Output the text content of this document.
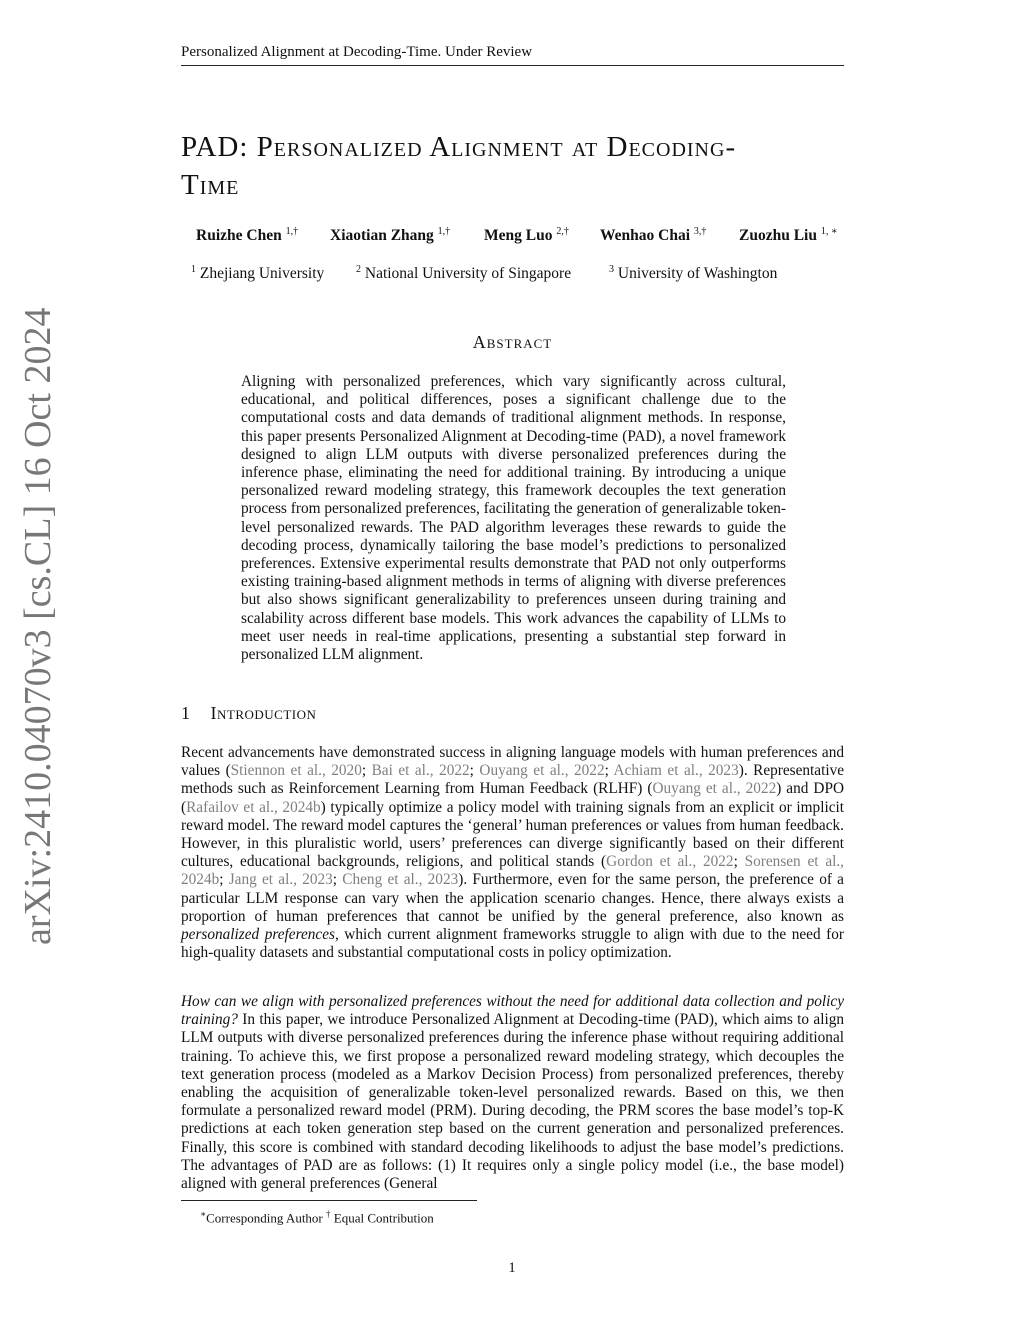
Personalized Alignment at Decoding-Time. Under Review
PAD: Personalized Alignment at Decoding-
Time
Ruizhe Chen $^{1,\dagger}$ Xiaotian Zhang $^{1,\dagger}$ Meng Luo $^{2,\dagger}$ Wenhao Chai $^{3,\dagger}$ Zuozhu Liu $^{1, ∗}$
$^1$ Zhejiang University	$^2$ National University of Singapore	$^3$ University of Washington
Abstract
Aligning with personalized preferences, which vary significantly across cultural, educational, and political differences, poses a significant challenge due to the computational costs and data demands of traditional alignment methods. In response, this paper presents Personalized Alignment at Decoding-time (PAD), a novel framework designed to align LLM outputs with diverse personalized preferences during the inference phase, eliminating the need for additional training. By introducing a unique personalized reward modeling strategy, this framework decouples the text generation process from personalized preferences, facilitating the generation of generalizable token-level personalized rewards. The PAD algorithm leverages these rewards to guide the decoding process, dynamically tailoring the base model’s predictions to personalized preferences. Extensive experimental results demonstrate that PAD not only outperforms existing training-based alignment methods in terms of aligning with diverse preferences but also shows significant generalizability to preferences unseen during training and scalability across different base models. This work advances the capability of LLMs to meet user needs in real-time applications, presenting a substantial step forward in personalized LLM alignment.
1 Introduction
Recent advancements have demonstrated success in aligning language models with human preferences and values (Stiennon et al., 2020; Bai et al., 2022; Ouyang et al., 2022; Achiam et al., 2023). Representative methods such as Reinforcement Learning from Human Feedback (RLHF) (Ouyang et al., 2022) and DPO (Rafailov et al., 2024b) typically optimize a policy model with training signals from an explicit or implicit reward model. The reward model captures the ‘general’ human preferences or values from human feedback. However, in this pluralistic world, users’ preferences can diverge significantly based on their different cultures, educational backgrounds, religions, and political stands (Gordon et al., 2022; Sorensen et al., 2024b; Jang et al., 2023; Cheng et al., 2023). Furthermore, even for the same person, the preference of a particular LLM response can vary when the application scenario changes. Hence, there always exists a proportion of human preferences that cannot be unified by the general preference, also known as personalized preferences, which current alignment frameworks struggle to align with due to the need for high-quality datasets and substantial computational costs in policy optimization.
How can we align with personalized preferences without the need for additional data collection and policy training? In this paper, we introduce Personalized Alignment at Decoding-time (PAD), which aims to align LLM outputs with diverse personalized preferences during the inference phase without requiring additional training. To achieve this, we first propose a personalized reward modeling strategy, which decouples the text generation process (modeled as a Markov Decision Process) from personalized preferences, thereby enabling the acquisition of generalizable token-level personalized rewards. Based on this, we then formulate a personalized reward model (PRM). During decoding, the PRM scores the base model’s top-K predictions at each token generation step based on the current generation and personalized preferences. Finally, this score is combined with standard decoding likelihoods to adjust the base model’s predictions. The advantages of PAD are as follows: (1) It requires only a single policy model (i.e., the base model) aligned with general preferences (General
∗Corresponding Author † Equal Contribution
1
arXiv:2410.04070v3 [cs.CL] 16 Oct 2024
